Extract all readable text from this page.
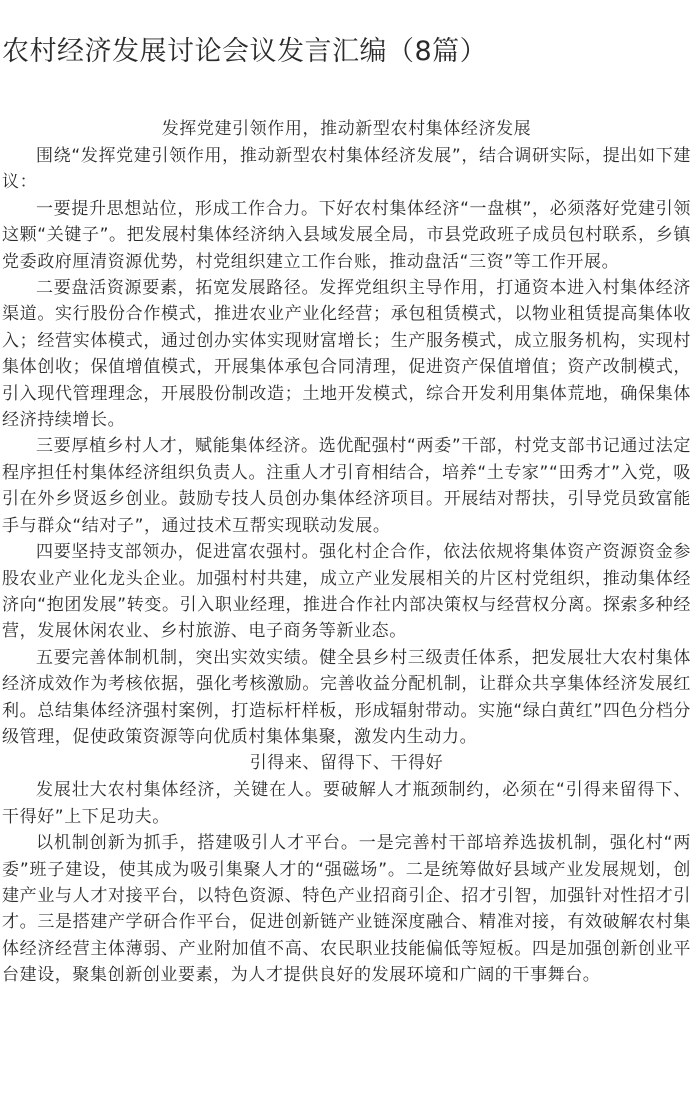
农村经济发展讨论会议发言汇编（8篇）
发挥党建引领作用，推动新型农村集体经济发展

围绕“发挥党建引领作用，推动新型农村集体经济发展”，结合调研实际，提出如下建议：

一要提升思想站位，形成工作合力。下好农村集体经济“一盘棋”，必须落好党建引领这颗“关键子”。把发展村集体经济纳入县域发展全局，市县党政班子成员包村联系，乡镇党委政府厘清资源优势，村党组织建立工作台账，推动盘活“三资”等工作开展。

二要盘活资源要素，拓宽发展路径。发挥党组织主导作用，打通资本进入村集体经济渠道。实行股份合作模式，推进农业产业化经营；承包租赁模式，以物业租赁提高集体收入；经营实体模式，通过创办实体实现财富增长；生产服务模式，成立服务机构，实现村集体创收；保值增值模式，开展集体承包合同清理，促进资产保值增值；资产改制模式，引入现代管理理念，开展股份制改造；土地开发模式，综合开发利用集体荒地，确保集体经济持续增长。

三要厚植乡村人才，赋能集体经济。选优配强村“两委”干部，村党支部书记通过法定程序担任村集体经济组织负责人。注重人才引育相结合，培养“土专家”“田秀才”入党，吸引在外乡贤返乡创业。鼓励专技人员创办集体经济项目。开展结对帮扶，引导党员致富能手与群众“结对子”，通过技术互帮实现联动发展。

四要坚持支部领办，促进富农强村。强化村企合作，依法依规将集体资产资源资金参股农业产业化龙头企业。加强村村共建，成立产业发展相关的片区村党组织，推动集体经济向“抱团发展”转变。引入职业经理，推进合作社内部决策权与经营权分离。探索多种经营，发展休闲农业、乡村旅游、电子商务等新业态。

五要完善体制机制，突出实效实绩。健全县乡村三级责任体系，把发展壮大农村集体经济成效作为考核依据，强化考核激励。完善收益分配机制，让群众共享集体经济发展红利。总结集体经济强村案例，打造标杆样板，形成辐射带动。实施“绿白黄红”四色分档分级管理，促使政策资源等向优质村集体集聚，激发内生动力。

引得来、留得下、干得好

发展壮大农村集体经济，关键在人。要破解人才瓶颈制约，必须在“引得来留得下、干得好”上下足功夫。

以机制创新为抓手，搭建吸引人才平台。一是完善村干部培养选拔机制，强化村“两委”班子建设，使其成为吸引集聚人才的“强磁场”。二是统筹做好县域产业发展规划，创建产业与人才对接平台，以特色资源、特色产业招商引企、招才引智，加强针对性招才引才。三是搭建产学研合作平台，促进创新链产业链深度融合、精准对接，有效破解农村集体经济经营主体薄弱、产业附加值不高、农民职业技能偏低等短板。四是加强创新创业平台建设，聚集创新创业要素，为人才提供良好的发展环境和广阔的干事舞台。
